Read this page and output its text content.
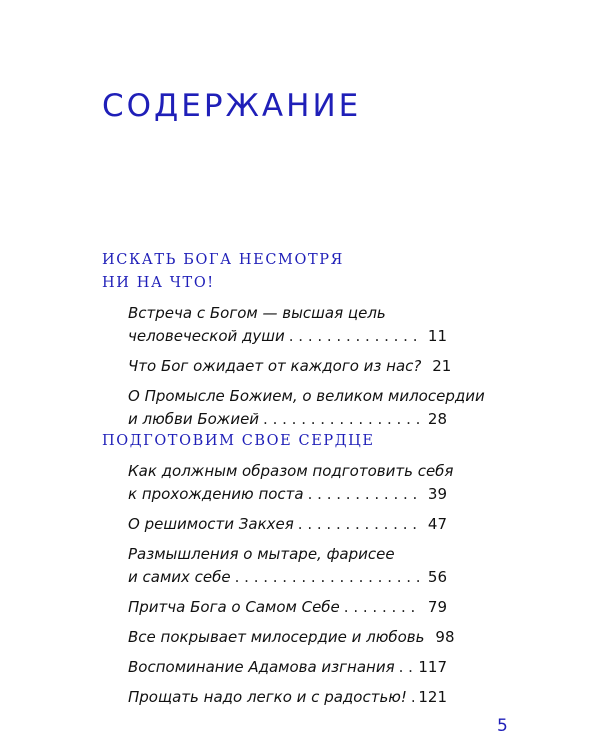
СОДЕРЖАНИЕ
ИСКАТЬ БОГА НЕСМОТРЯ
НИ НА ЧТО!
Встреча с Богом — высшая цель
человеческой души . . .	11
Что Бог ожидает от каждого из нас? 21
О Промысле Божием, о великом милосердии
и любви Божией . . .	28
ПОДГОТОВИМ СВОЕ СЕРДЦЕ
Как должным образом подготовить себя
к прохождению поста . . .	39
О решимости Закхея . . .	47
Размышления о мытаре, фарисее
и самих себе . . .	56
Притча Бога о Самом Себе . . .	79
Все покрывает милосердие и любовь 98
Воспоминание Адамова изгнания . . . 117
Прощать надо легко и с радостью! . . . 121
5
